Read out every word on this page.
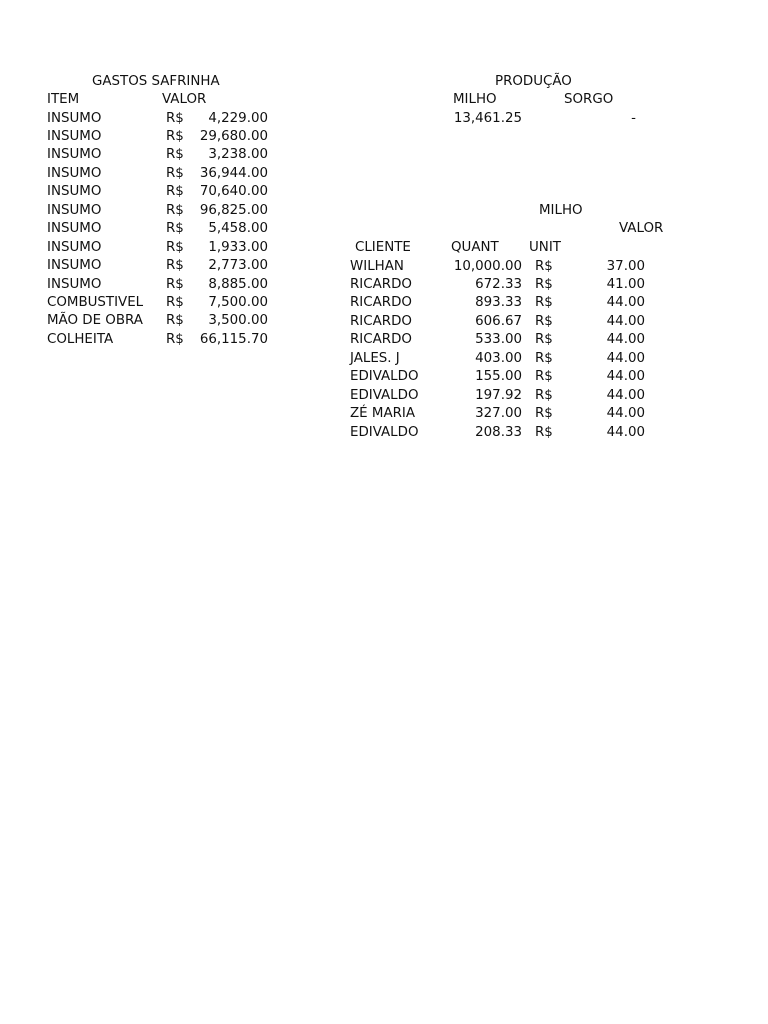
GASTOS SAFRINHA
ITEM	VALOR
INSUMO	R$	4,229.00
INSUMO	R$	29,680.00
INSUMO	R$	3,238.00
INSUMO	R$	36,944.00
INSUMO	R$	70,640.00
INSUMO	R$	96,825.00
INSUMO	R$	5,458.00
INSUMO	R$	1,933.00
INSUMO	R$	2,773.00
INSUMO	R$	8,885.00
COMBUSTIVEL R$	7,500.00
MÃO DE OBRA R$	3,500.00
COLHEITA	R$	66,115.70
PRODUÇÃO
MILHO	SORGO
13,461.25	-
MILHO
VALOR
CLIENTE	QUANT UNIT
WILHAN	10,000.00 R$	37.00
RICARDO	672.33 R$	41.00
RICARDO	893.33 R$	44.00
RICARDO	606.67 R$	44.00
RICARDO	533.00 R$	44.00
JALES. J	403.00 R$	44.00
EDIVALDO	155.00 R$	44.00
EDIVALDO	197.92 R$	44.00
ZÉ MARIA	327.00 R$	44.00
EDIVALDO	208.33 R$	44.00
